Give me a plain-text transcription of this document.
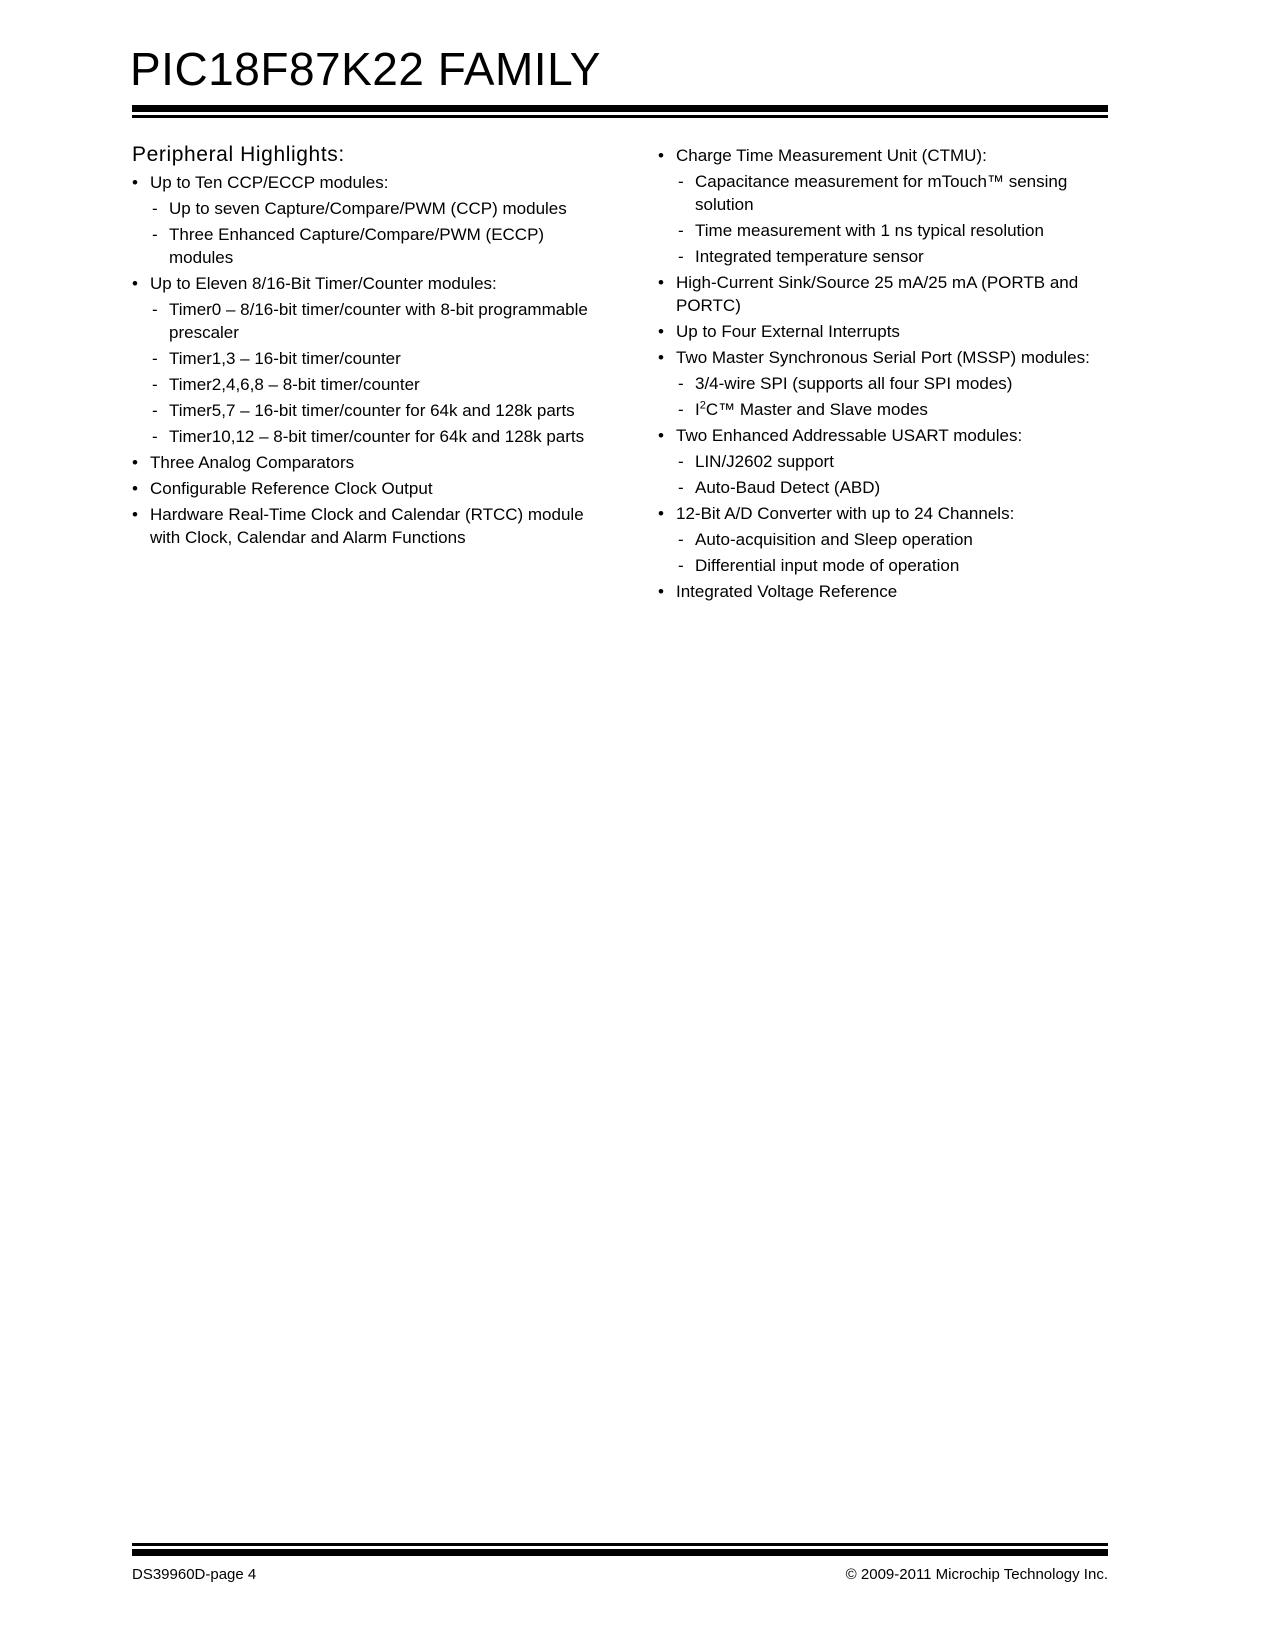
PIC18F87K22 FAMILY
Peripheral Highlights:
• Up to Ten CCP/ECCP modules:
- Up to seven Capture/Compare/PWM (CCP) modules
- Three Enhanced Capture/Compare/PWM (ECCP) modules
• Up to Eleven 8/16-Bit Timer/Counter modules:
- Timer0 – 8/16-bit timer/counter with 8-bit programmable prescaler
- Timer1,3 – 16-bit timer/counter
- Timer2,4,6,8 – 8-bit timer/counter
- Timer5,7 – 16-bit timer/counter for 64k and 128k parts
- Timer10,12 – 8-bit timer/counter for 64k and 128k parts
• Three Analog Comparators
• Configurable Reference Clock Output
• Hardware Real-Time Clock and Calendar (RTCC) module with Clock, Calendar and Alarm Functions
• Charge Time Measurement Unit (CTMU):
- Capacitance measurement for mTouch™ sensing solution
- Time measurement with 1 ns typical resolution
- Integrated temperature sensor
• High-Current Sink/Source 25 mA/25 mA (PORTB and PORTC)
• Up to Four External Interrupts
• Two Master Synchronous Serial Port (MSSP) modules:
- 3/4-wire SPI (supports all four SPI modes)
- $I^2C™$ Master and Slave modes
• Two Enhanced Addressable USART modules:
- LIN/J2602 support
- Auto-Baud Detect (ABD)
• 12-Bit A/D Converter with up to 24 Channels:
- Auto-acquisition and Sleep operation
- Differential input mode of operation
• Integrated Voltage Reference
DS39960D-page 4	© 2009-2011 Microchip Technology Inc.
